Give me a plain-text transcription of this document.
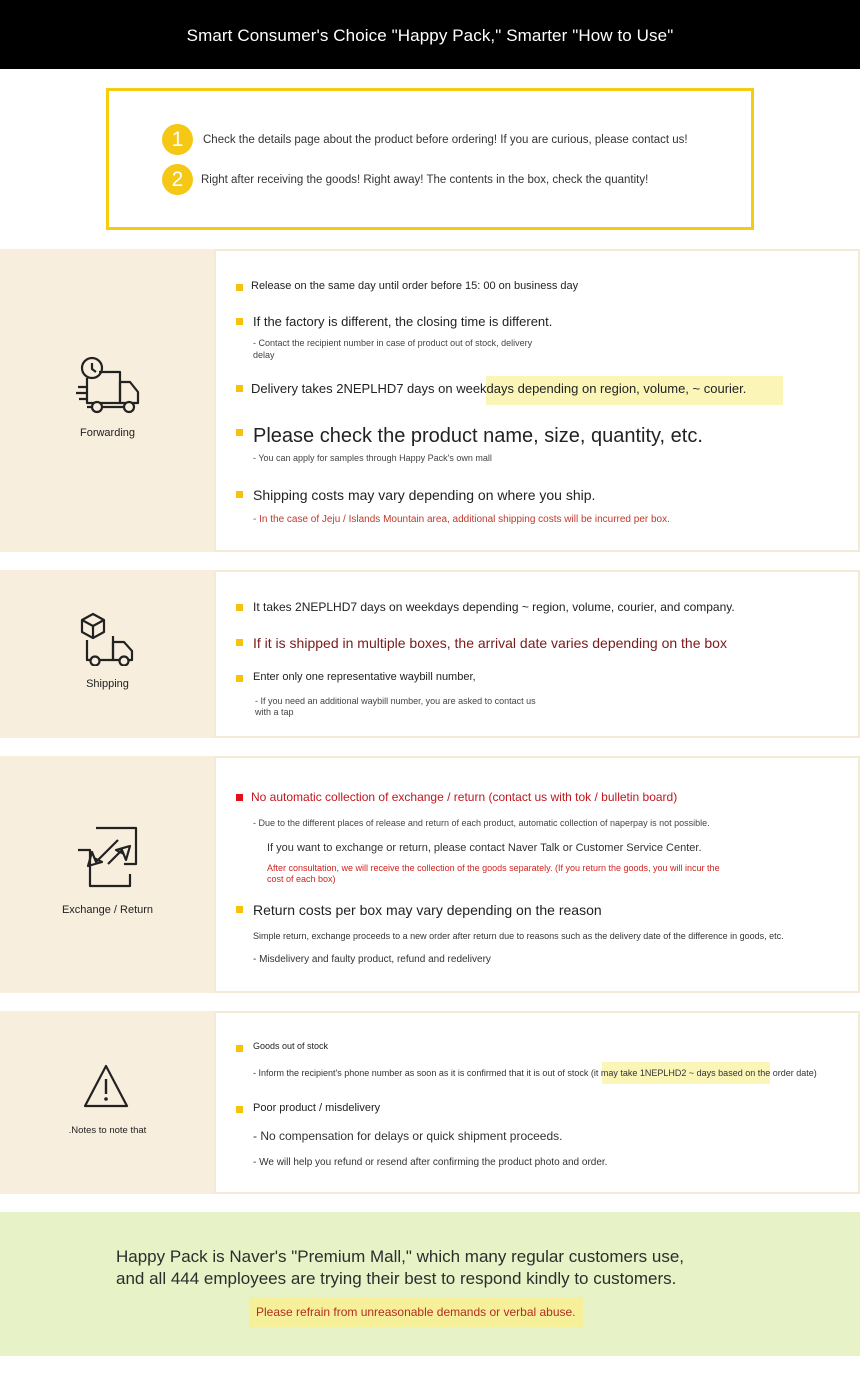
Smart Consumer's Choice "Happy Pack," Smarter "How to Use"
1	Check the details page about the product before ordering! If you are curious, please contact us!
2	Right after receiving the goods! Right away! The contents in the box, check the quantity!
Forwarding
Release on the same day until order before 15: 00 on business day
If the factory is different, the closing time is different.
- Contact the recipient number in case of product out of stock, delivery
delay
Delivery takes 2NEPLHD7 days on weekdays depending on region, volume, ~ courier.
Please check the product name, size, quantity, etc.
- You can apply for samples through Happy Pack's own mall
Shipping costs may vary depending on where you ship.
- In the case of Jeju / Islands Mountain area, additional shipping costs will be incurred per box.
Shipping
It takes 2NEPLHD7 days on weekdays depending ~ region, volume, courier, and company.
If it is shipped in multiple boxes, the arrival date varies depending on the box
Enter only one representative waybill number,
- If you need an additional waybill number, you are asked to contact us
with a tap
Exchange / Return
No automatic collection of exchange / return (contact us with tok / bulletin board)
- Due to the different places of release and return of each product, automatic collection of naperpay is not possible.
If you want to exchange or return, please contact Naver Talk or Customer Service Center.
After consultation, we will receive the collection of the goods separately. (If you return the goods, you will incur the
cost of each box)
Return costs per box may vary depending on the reason
Simple return, exchange proceeds to a new order after return due to reasons such as the delivery date of the difference in goods, etc.
- Misdelivery and faulty product, refund and redelivery
.Notes to note that
Goods out of stock
- Inform the recipient's phone number as soon as it is confirmed that it is out of stock (it may take 1NEPLHD2 ~ days based on the order date)
Poor product / misdelivery
- No compensation for delays or quick shipment proceeds.
- We will help you refund or resend after confirming the product photo and order.
Happy Pack is Naver's "Premium Mall," which many regular customers use,
and all 444 employees are trying their best to respond kindly to customers.
Please refrain from unreasonable demands or verbal abuse.
